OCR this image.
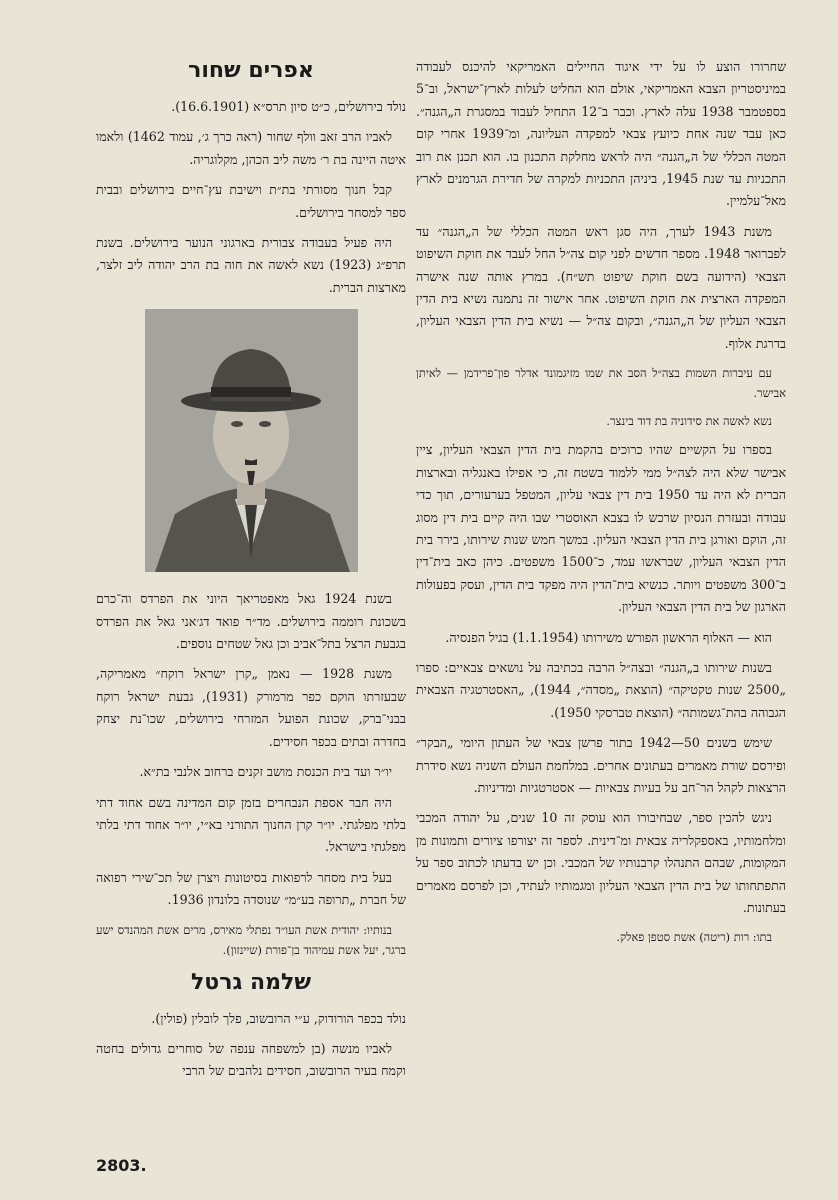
שחרורו הוצע לו על ידי איגוד החיילים האמריקאי להיכנס לעבודה במיניסטריון הצבא האמריקאי, אולם הוא החליט לעלות לארץ־ישראל, וב־5 בספטמבר 1938 עלה לארץ. וכבר ב־12 התחיל לעבוד במסגרת ה„הגנה״. כאן עבד שנה אחת כיועץ צבאי למפקדה העליונה, ומ־1939 אחרי קום המטה הכללי של ה„הגנה״ היה לראש מחלקת התכנון בו. הוא תכנן את רוב התכניות עד שנת 1945, ביניהן התכניות למקרה של חדירת הגרמנים לארץ מאל־עלמיין.

משנת 1943 לערך, היה סגן ראש המטה הכללי של ה„הגנה״ עד לפברואר 1948. מספר חדשים לפני קום צה״ל החל לעבד את חוקת השיפוט הצבאי (הידועה בשם חוקת שיפוט תש״ח). במרץ אותה שנה אישרה המפקדה הארצית את חוקת השיפוט. אחר אישור זה נתמנה נשיא בית הדין הצבאי העליון של ה„הגנה״, ובקום צה״ל — נשיא בית הדין הצבאי העליון, בדרגת אלוף.

עם עיברות השמות בצה״ל הסב את שמו מזיגמונד אדלר פון־פרידמן — לאיתן אבישר.

נשא לאשה את סידוניה בת דוד בינצר.

בספרו על הקשיים שהיו כרוכים בהקמת בית הדין הצבאי העליון, ציין אבישר שלא היה לצה״ל ממי ללמוד בשטח זה, כי אפילו באנגליה ובארצות הברית לא היה עד 1950 בית דין צבאי עליון, המטפל בערעורים, תוך כדי עבודה ובעזרת הנסיון שרכש לו בצבא האוסטרי שבו היה קיים בית דין מסוג זה, הוקם ואורגן בית הדין הצבאי העליון. במשך חמש שנות שירותו, בירר בית הדין הצבאי העליון, שבראשו עמד, כ־1500 משפטים. כיהן כאב בית־דין ב־300 משפטים ויותר. כנשיא בית־הדין היה מפקד בית הדין, ועסק בפעולות הארגון של בית הדין הצבאי העליון.

הוא — האלוף הראשון הפורש משירותו (1.1.1954) בגיל הפנסיה.

בשנות שירותו ב„הגנה״ ובצה״ל הרבה בכתיבה על נושאים צבאיים: ספרו „2500 שנות טקטיקה״ (הוצאת „מסדה״, 1944), „האסטרטגיה הצבאית הגבוהה בהת־גשמותה״ (הוצאת טברסקי 1950).

שימש בשנים 50—1942 בתור פרשן צבאי של העתון היומי „הבקר״ ופירסם שורת מאמרים בעתונים אחרים. במלחמת העולם השניה נשא סידרת הרצאות לקהל הר־חב על בעיות צבאיות — אסטרטגיות ומדיניות.

ניגש להכין ספר, שבחיבורו הוא עוסק זה 10 שנים, על יהודה המכבי ומלחמותיו, באספקלריה צבאית ומ־דינית. לספר זה יצורפו ציורים ותמונות מן המקומות, שבהם התנהלו קרבנותיו של המכבי. וכן יש בדעתו לכתוב ספר על התפתחותו של בית הדין הצבאי העליון ומגמותיו לעתיד, וכן לפרסם מאמרים בעתונות.

בתו: רות (ריטה) אשת סטפן פאלק.

אפרים שחור

נולד בירושלים, כ״ט סיון תרס״א (16.6.1901).

לאביו הרב זאב וולף שחור (ראה כרך ג׳, עמוד 1462) ולאמו איטה היינה בת ר׳ משה ליב הכהן, מקלוגריה.

קבל חנוך מסורתי בת״ת וישיבת עץ־חיים בירושלים ובבית ספר למסחר בירושלים.

היה פעיל בעבודה צבורית בארגוני הנוער בירושלים. בשנת תרפ״ג (1923) נשא לאשה את חוה בת הרב יהודה ליב זלצר, מארצות הברית.

בשנת 1924 גאל מאפטריאך היוני את הפרדס וה־כרם בשכונת רוממה בירושלים. מד״ר פואד דג׳אני גאל את הפרדס בגבעת הרצל בתל־אביב וכן גאל שטחים נוספים.

משנת 1928 — נאמן „קרן ישראל רוקח״ מאמריקה, שבעזרתו הוקם כפר מרמורק (1931), גבעת ישראל רוקח בבני־ברק, שכונת הפועל המזרחי בירושלים, שכו־נת יצחק בחדרה ובתים בכפר חסידים.

יו״ר ועד בית הכנסת מושב זקנים ברחוב אלנבי בת״א.

היה חבר אספת הנבחרים בזמן קום המדינה בשם אחוד דתי בלתי מפלגתי. יו״ר קרן החנוך התורני בא״י, יו״ר אחוד דתי בלתי מפלגתי בישראל.

בעל בית מסחר לרפואות בסיטונות ויצרן של תכ־שירי רפואה של חברת „תרופה בע״מ״ שנוסדה בלונדון 1936.

בנותיו: יהודית אשת העו״ד נפתלי מאירס, מרים אשת המהנדס ישע ברגר, יעל אשת עמיהוד בן־פורת (שיינזון).

שלמה גרטל

נולד בכפר הורודוק, ע״י הרובשוב, פלך לובלין (פולין).

לאביו מנשה (בן למשפחה ענפה של סוחרים גדולים בחטה וקמח בעיר הרובשוב, חסידים נלהבים של הרבי

2803.
